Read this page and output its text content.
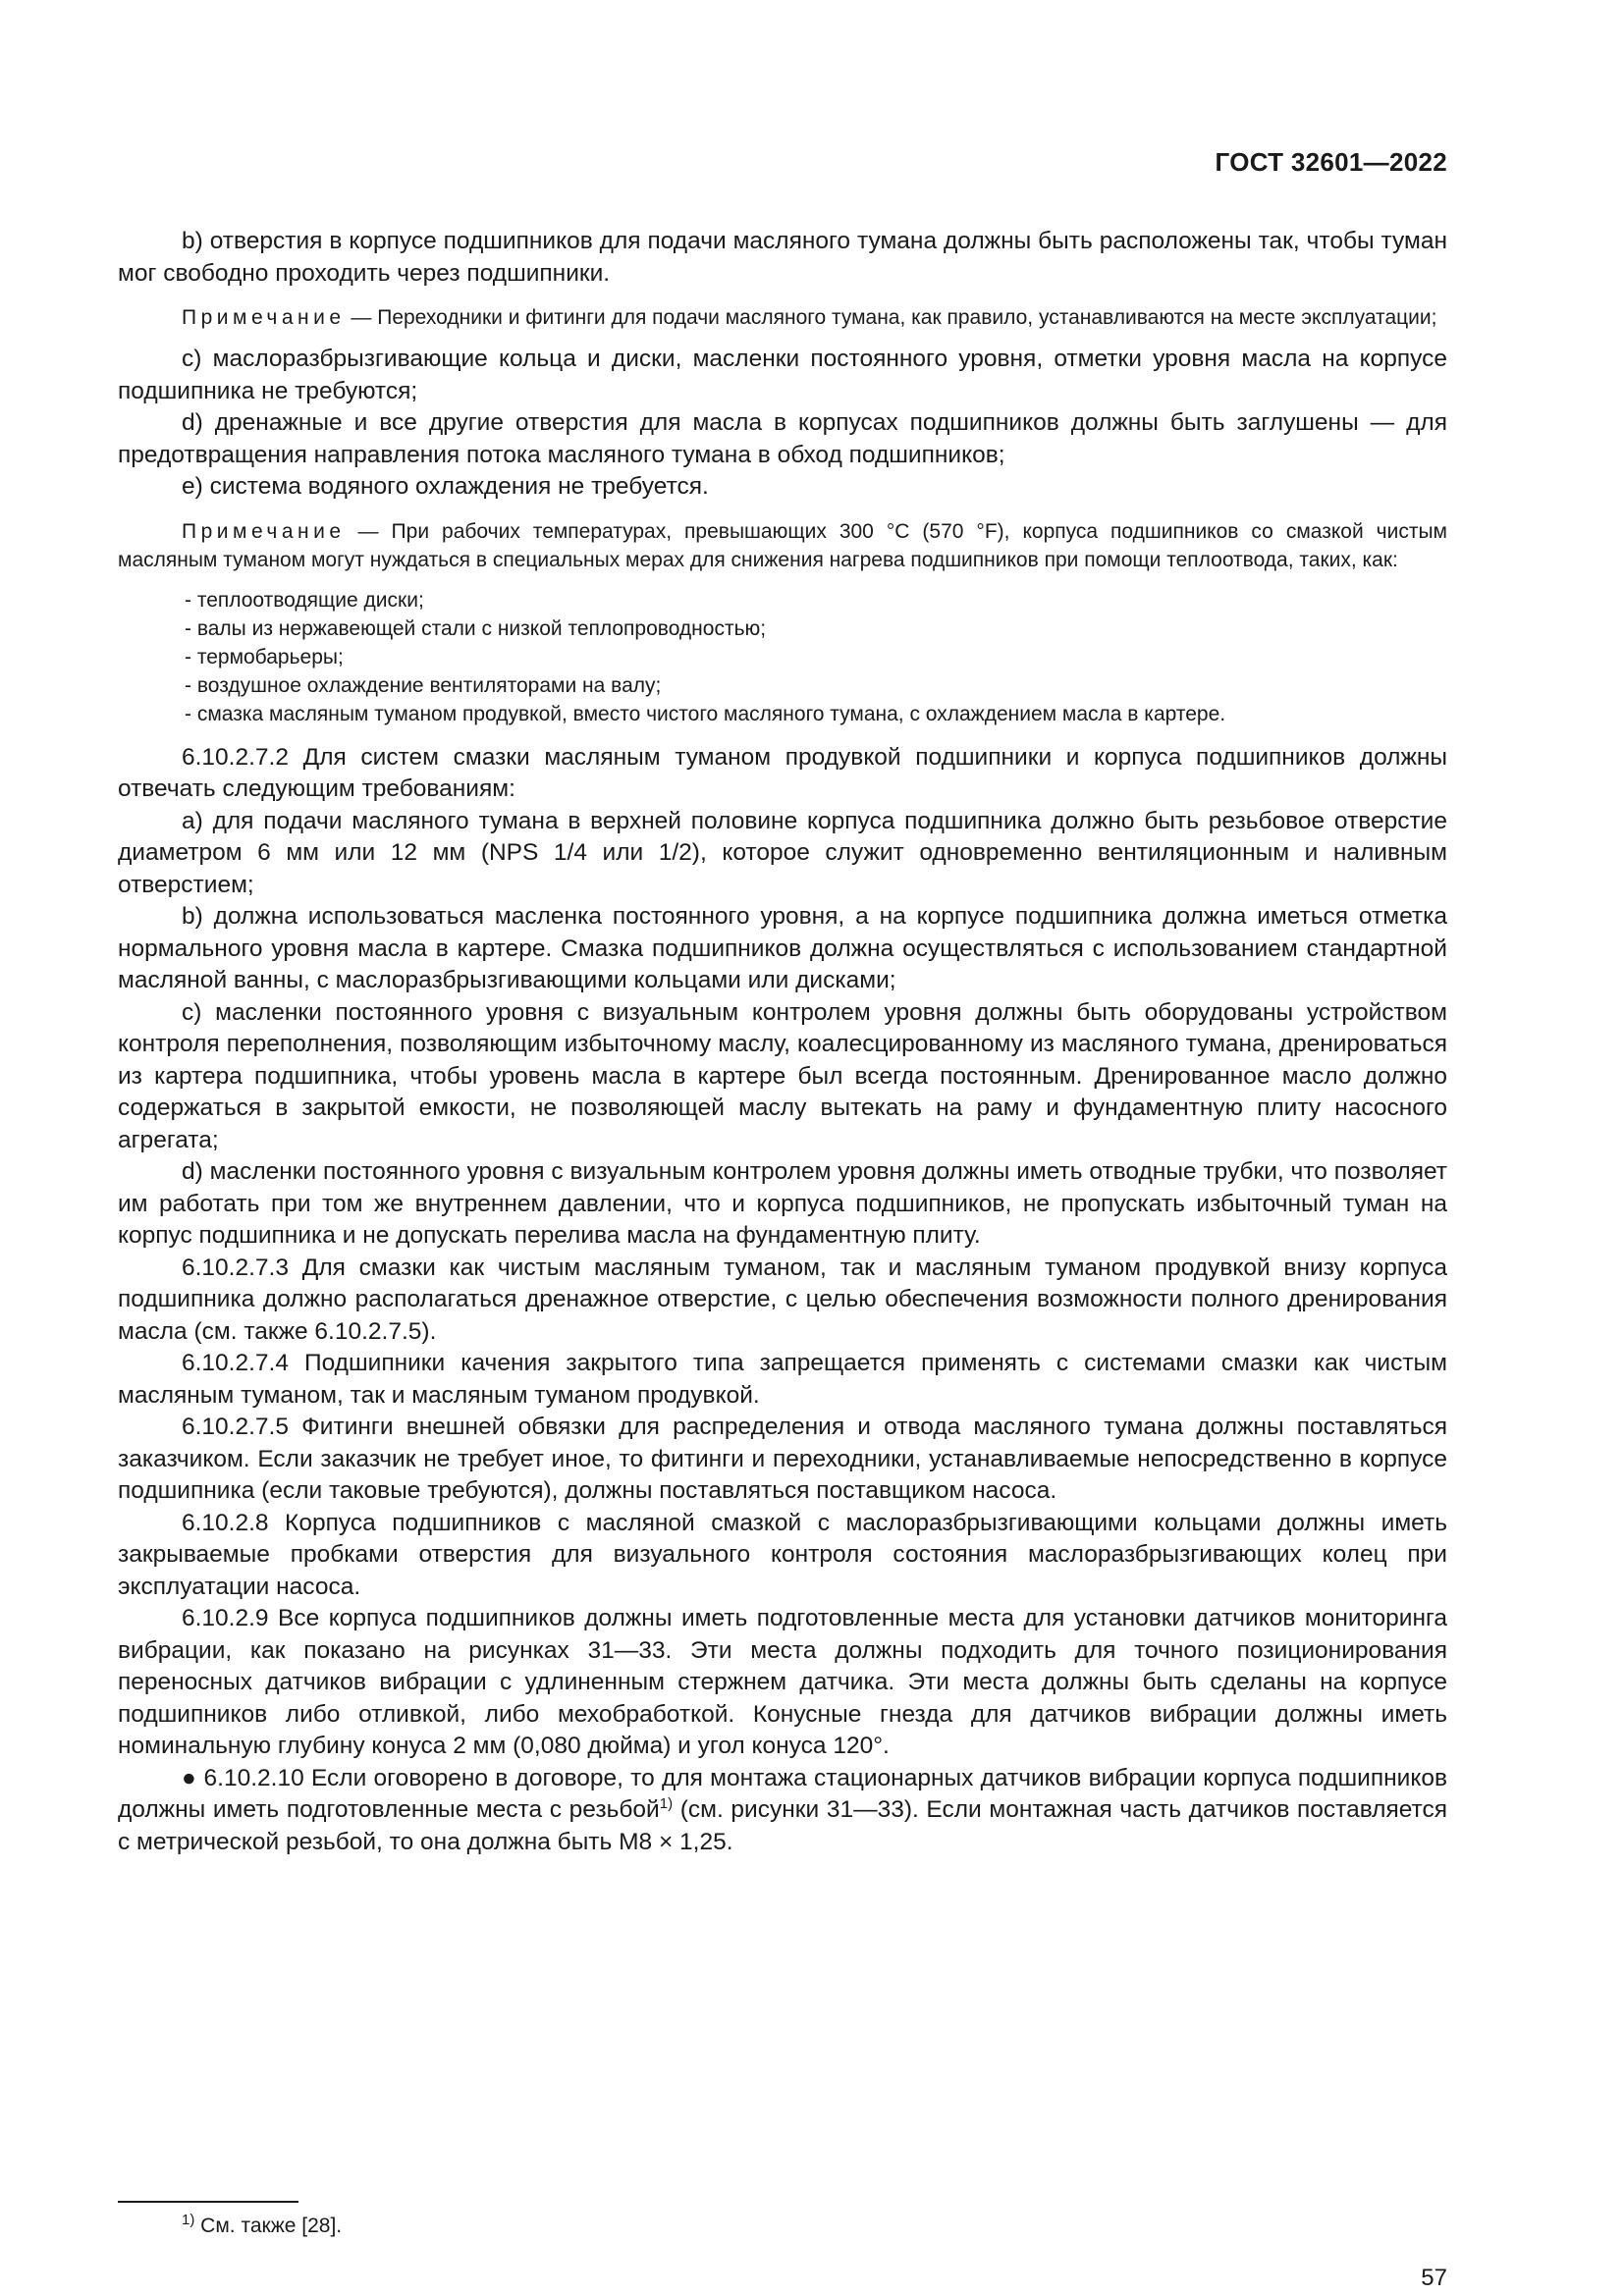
ГОСТ 32601—2022

b) отверстия в корпусе подшипников для подачи масляного тумана должны быть расположены так, чтобы туман мог свободно проходить через подшипники.

Примечание — Переходники и фитинги для подачи масляного тумана, как правило, устанавливаются на месте эксплуатации;

c) маслоразбрызгивающие кольца и диски, масленки постоянного уровня, отметки уровня масла на корпусе подшипника не требуются;

d) дренажные и все другие отверстия для масла в корпусах подшипников должны быть заглушены — для предотвращения направления потока масляного тумана в обход подшипников;

e) система водяного охлаждения не требуется.

Примечание — При рабочих температурах, превышающих 300 °С (570 °F), корпуса подшипников со смазкой чистым масляным туманом могут нуждаться в специальных мерах для снижения нагрева подшипников при помощи теплоотвода, таких, как:

- теплоотводящие диски;
- валы из нержавеющей стали с низкой теплопроводностью;
- термобарьеры;
- воздушное охлаждение вентиляторами на валу;
- смазка масляным туманом продувкой, вместо чистого масляного тумана, с охлаждением масла в картере.

6.10.2.7.2 Для систем смазки масляным туманом продувкой подшипники и корпуса подшипников должны отвечать следующим требованиям:

a) для подачи масляного тумана в верхней половине корпуса подшипника должно быть резьбовое отверстие диаметром 6 мм или 12 мм (NPS 1/4 или 1/2), которое служит одновременно вентиляционным и наливным отверстием;

b) должна использоваться масленка постоянного уровня, а на корпусе подшипника должна иметься отметка нормального уровня масла в картере. Смазка подшипников должна осуществляться с использованием стандартной масляной ванны, с маслоразбрызгивающими кольцами или дисками;

c) масленки постоянного уровня с визуальным контролем уровня должны быть оборудованы устройством контроля переполнения, позволяющим избыточному маслу, коалесцированному из масляного тумана, дренироваться из картера подшипника, чтобы уровень масла в картере был всегда постоянным. Дренированное масло должно содержаться в закрытой емкости, не позволяющей маслу вытекать на раму и фундаментную плиту насосного агрегата;

d) масленки постоянного уровня с визуальным контролем уровня должны иметь отводные трубки, что позволяет им работать при том же внутреннем давлении, что и корпуса подшипников, не пропускать избыточный туман на корпус подшипника и не допускать перелива масла на фундаментную плиту.

6.10.2.7.3 Для смазки как чистым масляным туманом, так и масляным туманом продувкой внизу корпуса подшипника должно располагаться дренажное отверстие, с целью обеспечения возможности полного дренирования масла (см. также 6.10.2.7.5).

6.10.2.7.4 Подшипники качения закрытого типа запрещается применять с системами смазки как чистым масляным туманом, так и масляным туманом продувкой.

6.10.2.7.5 Фитинги внешней обвязки для распределения и отвода масляного тумана должны поставляться заказчиком. Если заказчик не требует иное, то фитинги и переходники, устанавливаемые непосредственно в корпусе подшипника (если таковые требуются), должны поставляться поставщиком насоса.

6.10.2.8 Корпуса подшипников с масляной смазкой с маслоразбрызгивающими кольцами должны иметь закрываемые пробками отверстия для визуального контроля состояния маслоразбрызгивающих колец при эксплуатации насоса.

6.10.2.9 Все корпуса подшипников должны иметь подготовленные места для установки датчиков мониторинга вибрации, как показано на рисунках 31—33. Эти места должны подходить для точного позиционирования переносных датчиков вибрации с удлиненным стержнем датчика. Эти места должны быть сделаны на корпусе подшипников либо отливкой, либо мехобработкой. Конусные гнезда для датчиков вибрации должны иметь номинальную глубину конуса 2 мм (0,080 дюйма) и угол конуса 120°.

● 6.10.2.10 Если оговорено в договоре, то для монтажа стационарных датчиков вибрации корпуса подшипников должны иметь подготовленные места с резьбой$^{1)}$ (см. рисунки 31—33). Если монтажная часть датчиков поставляется с метрической резьбой, то она должна быть М8 × 1,25.

$^{1)}$ См. также [28].
57
